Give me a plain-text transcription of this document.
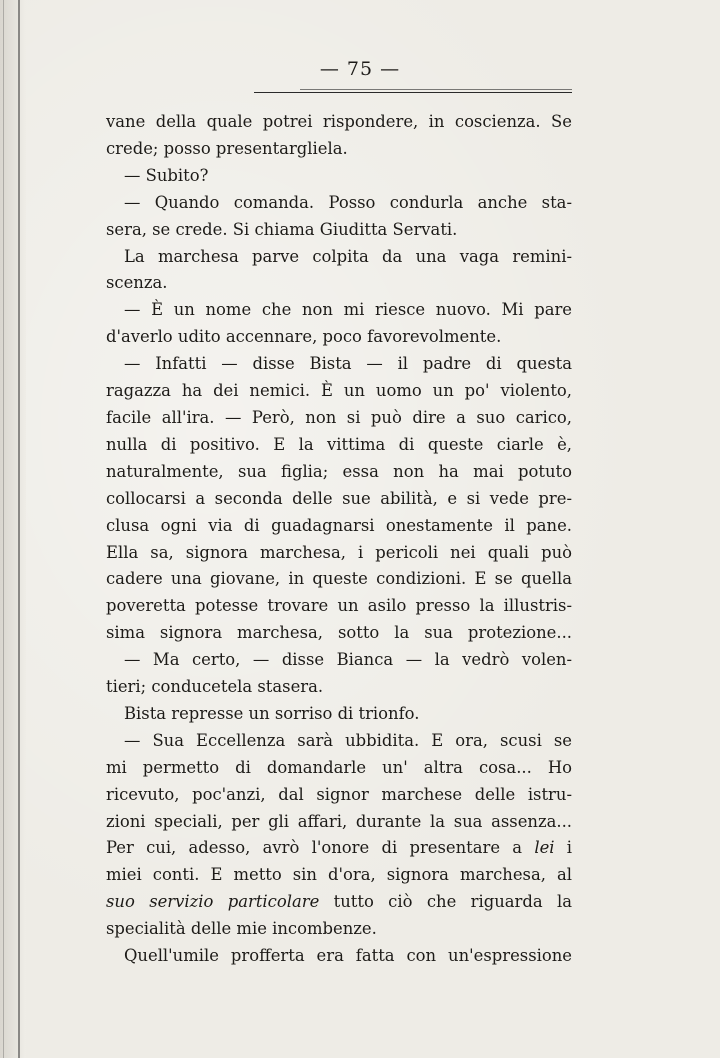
— 75 —
vane della quale potrei rispondere, in coscienza. Se
crede; posso presentargliela.
— Subito?
— Quando comanda. Posso condurla anche sta-
sera, se crede. Si chiama Giuditta Servati.
La marchesa parve colpita da una vaga remini-
scenza.
— È un nome che non mi riesce nuovo. Mi pare
d'averlo udito accennare, poco favorevolmente.
— Infatti — disse Bista — il padre di questa
ragazza ha dei nemici. È un uomo un po' violento,
facile all'ira. — Però, non si può dire a suo carico,
nulla di positivo. E la vittima di queste ciarle è,
naturalmente, sua figlia; essa non ha mai potuto
collocarsi a seconda delle sue abilità, e si vede pre-
clusa ogni via di guadagnarsi onestamente il pane.
Ella sa, signora marchesa, i pericoli nei quali può
cadere una giovane, in queste condizioni. E se quella
poveretta potesse trovare un asilo presso la illustris-
sima signora marchesa, sotto la sua protezione...
— Ma certo, — disse Bianca — la vedrò volen-
tieri; conducetela stasera.
Bista represse un sorriso di trionfo.
— Sua Eccellenza sarà ubbidita. E ora, scusi se
mi permetto di domandarle un' altra cosa... Ho
ricevuto, poc'anzi, dal signor marchese delle istru-
zioni speciali, per gli affari, durante la sua assenza...
Per cui, adesso, avrò l'onore di presentare a lei i
miei conti. E metto sin d'ora, signora marchesa, al
suo servizio particolare tutto ciò che riguarda la
specialità delle mie incombenze.
Quell'umile profferta era fatta con un'espressione
